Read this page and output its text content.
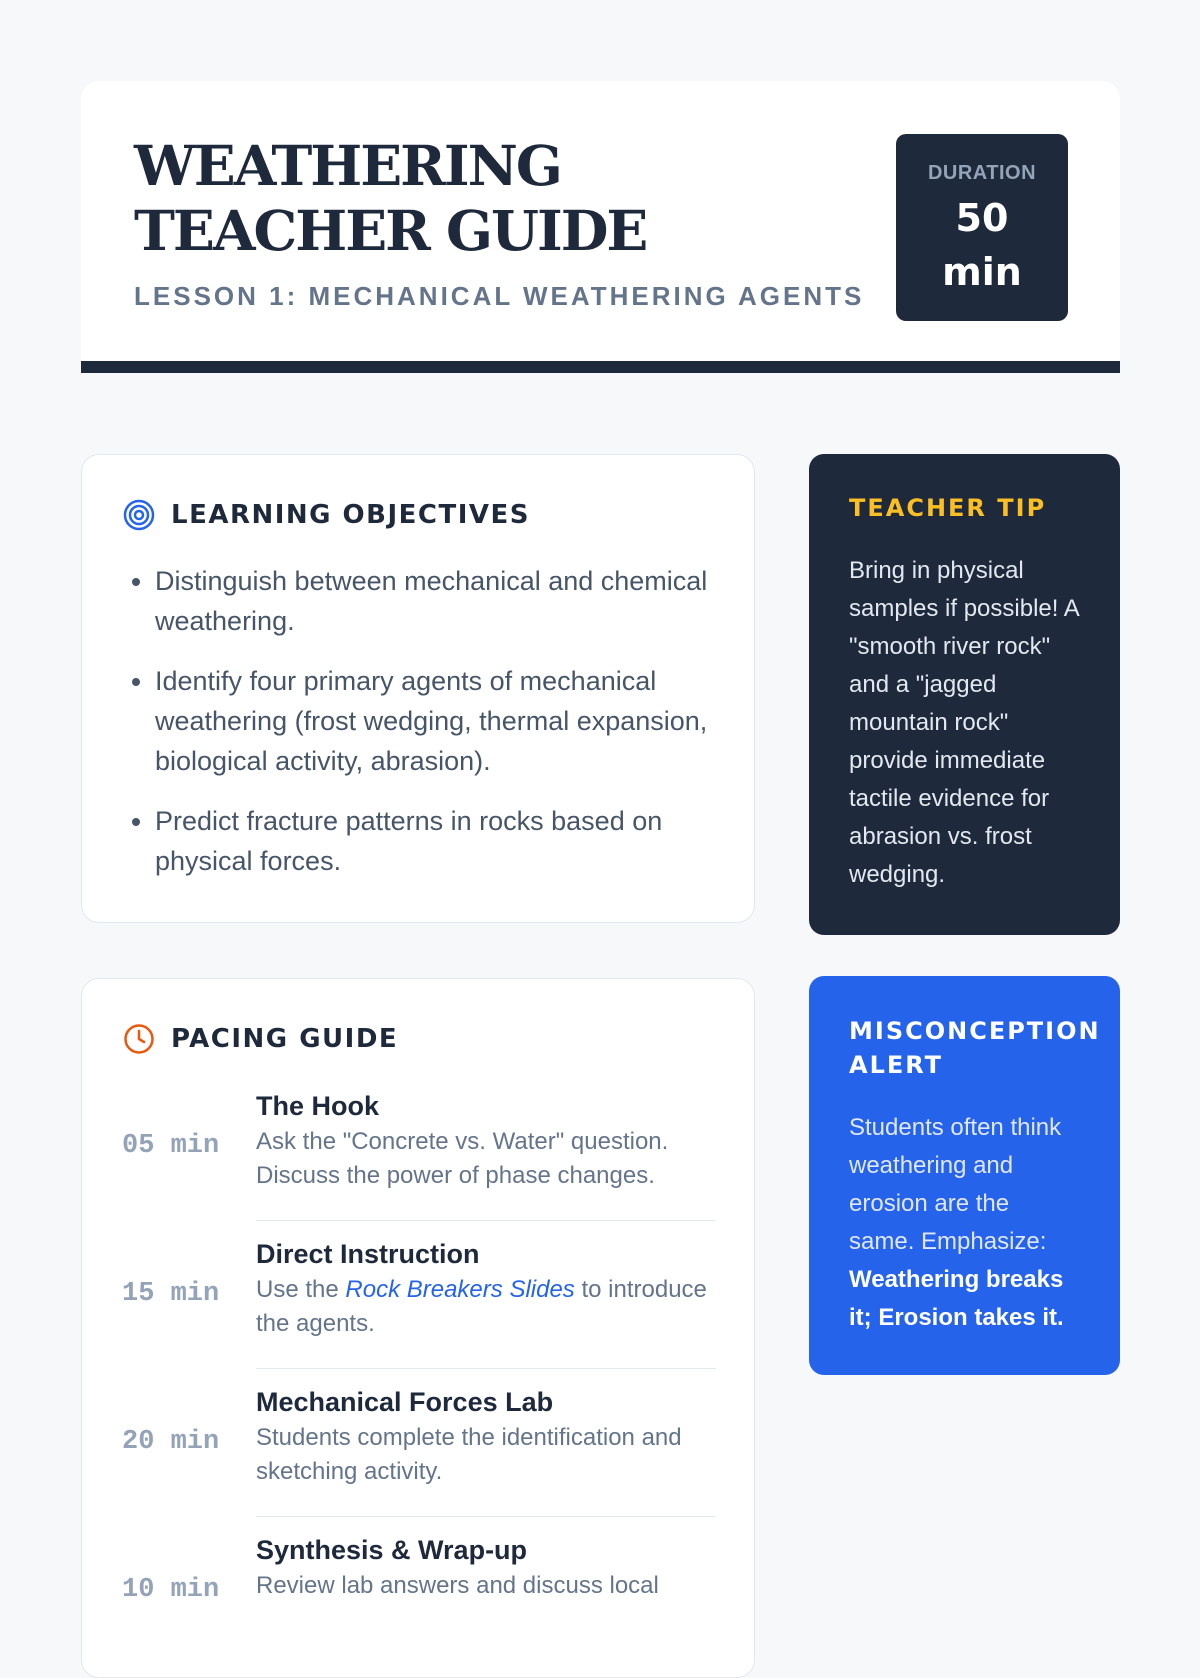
WEATHERING TEACHER GUIDE
LESSON 1: MECHANICAL WEATHERING AGENTS
DURATION
50 min
LEARNING OBJECTIVES
• Distinguish between mechanical and chemical weathering.
• Identify four primary agents of mechanical weathering (frost wedging, thermal expansion, biological activity, abrasion).
• Predict fracture patterns in rocks based on physical forces.
PACING GUIDE
05 min
The Hook
Ask the "Concrete vs. Water" question. Discuss the power of phase changes.
15 min
Direct Instruction
Use the Rock Breakers Slides to introduce the agents.
20 min
Mechanical Forces Lab
Students complete the identification and sketching activity.
10 min
Synthesis & Wrap-up
Review lab answers and discuss local
TEACHER TIP

Bring in physical samples if possible! A "smooth river rock" and a "jagged mountain rock" provide immediate tactile evidence for abrasion vs. frost wedging.

MISCONCEPTION ALERT

Students often think weathering and erosion are the same. Emphasize: Weathering breaks it; Erosion takes it.
